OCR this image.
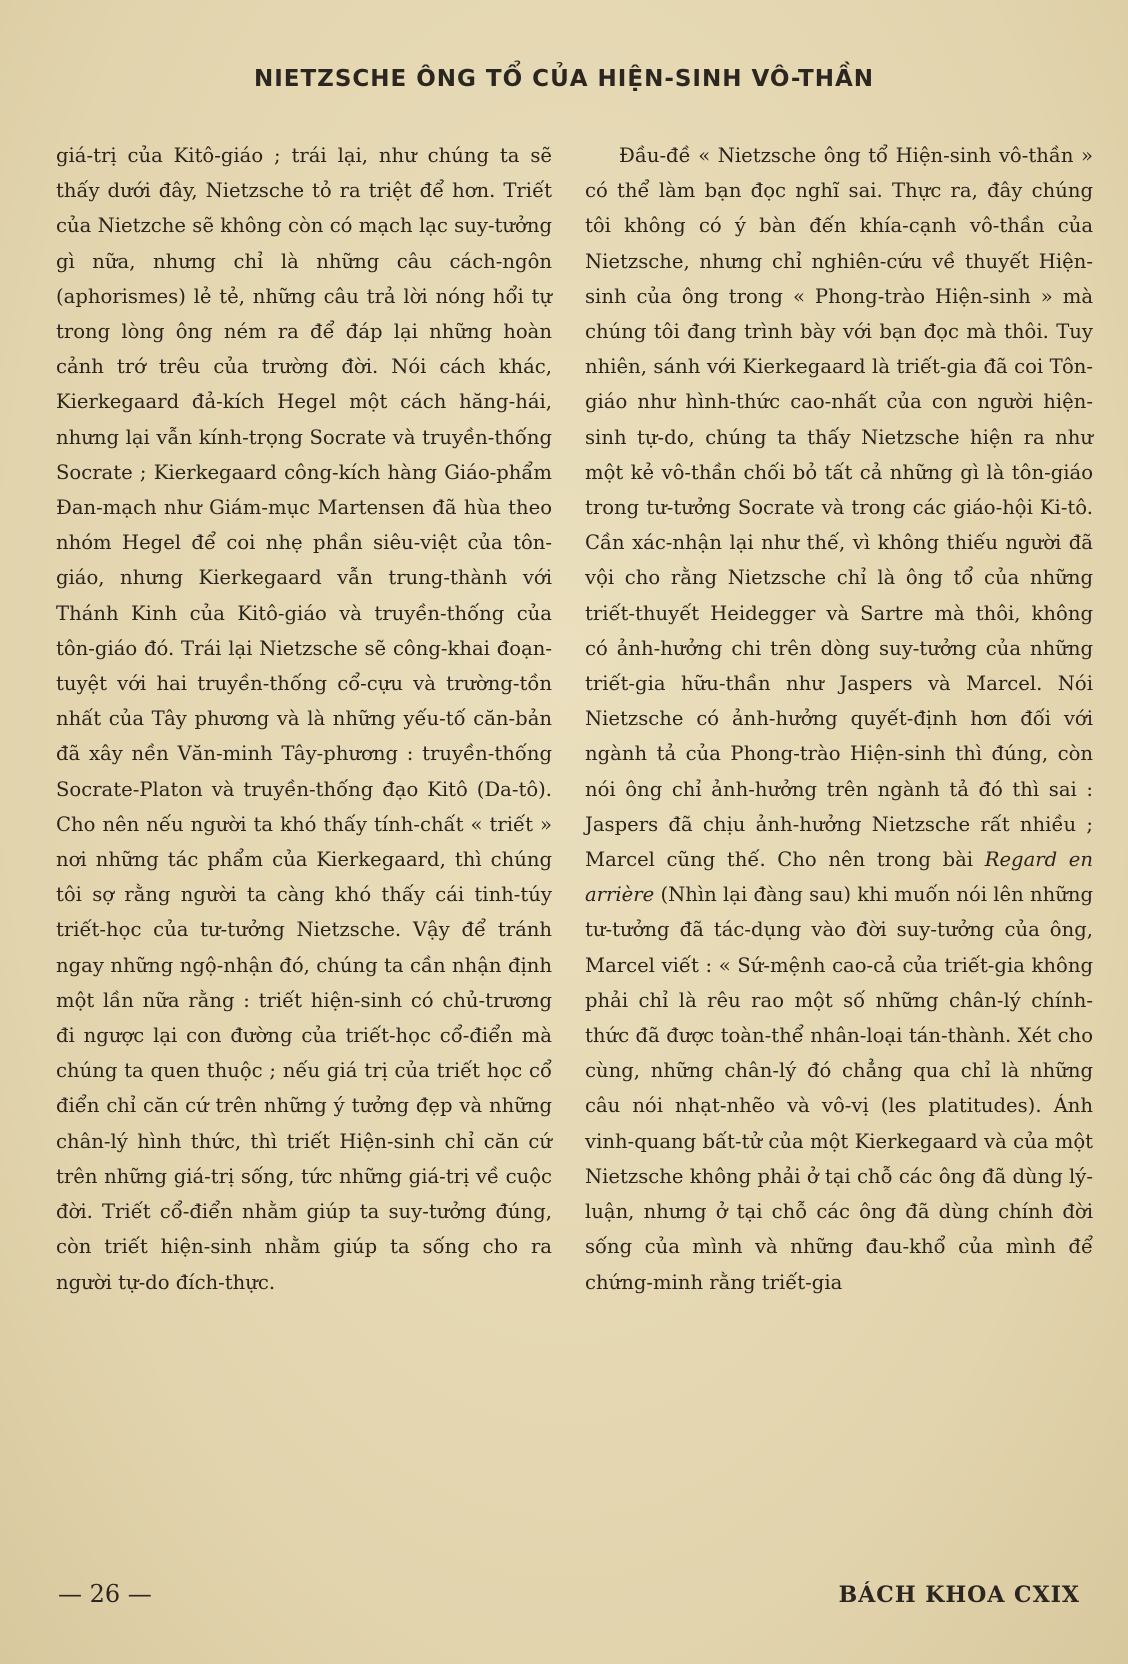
NIETZSCHE ÔNG TỔ CỦA HIỆN-SINH VÔ-THẦN

giá-trị của Kitô-giáo ; trái lại, như chúng ta sẽ thấy dưới đây, Nietzsche tỏ ra triệt để hơn. Triết của Nietzche sẽ không còn có mạch lạc suy-tưởng gì nữa, nhưng chỉ là những câu cách-ngôn (aphorismes) lẻ tẻ, những câu trả lời nóng hổi tự trong lòng ông ném ra để đáp lại những hoàn cảnh trớ trêu của trường đời. Nói cách khác, Kierkegaard đả-kích Hegel một cách hăng-hái, nhưng lại vẫn kính-trọng Socrate và truyền-thống Socrate ; Kierkegaard công-kích hàng Giáo-phẩm Đan-mạch như Giám-mục Martensen đã hùa theo nhóm Hegel để coi nhẹ phần siêu-việt của tôn-giáo, nhưng Kierkegaard vẫn trung-thành với Thánh Kinh của Kitô-giáo và truyền-thống của tôn-giáo đó. Trái lại Nietzsche sẽ công-khai đoạn-tuyệt với hai truyền-thống cổ-cựu và trường-tồn nhất của Tây phương và là những yếu-tố căn-bản đã xây nền Văn-minh Tây-phương : truyền-thống Socrate-Platon và truyền-thống đạo Kitô (Da-tô). Cho nên nếu người ta khó thấy tính-chất « triết » nơi những tác phẩm của Kierkegaard, thì chúng tôi sợ rằng người ta càng khó thấy cái tinh-túy triết-học của tư-tưởng Nietzsche. Vậy để tránh ngay những ngộ-nhận đó, chúng ta cần nhận định một lần nữa rằng : triết hiện-sinh có chủ-trương đi ngược lại con đường của triết-học cổ-điển mà chúng ta quen thuộc ; nếu giá trị của triết học cổ điển chỉ căn cứ trên những ý tưởng đẹp và những chân-lý hình thức, thì triết Hiện-sinh chỉ căn cứ trên những giá-trị sống, tức những giá-trị về cuộc đời. Triết cổ-điển nhằm giúp ta suy-tưởng đúng, còn triết hiện-sinh nhằm giúp ta sống cho ra người tự-do đích-thực.

Đầu-đề « Nietzsche ông tổ Hiện-sinh vô-thần » có thể làm bạn đọc nghĩ sai. Thực ra, đây chúng tôi không có ý bàn đến khía-cạnh vô-thần của Nietzsche, nhưng chỉ nghiên-cứu về thuyết Hiện-sinh của ông trong « Phong-trào Hiện-sinh » mà chúng tôi đang trình bày với bạn đọc mà thôi. Tuy nhiên, sánh với Kierkegaard là triết-gia đã coi Tôn-giáo như hình-thức cao-nhất của con người hiện-sinh tự-do, chúng ta thấy Nietzsche hiện ra như một kẻ vô-thần chối bỏ tất cả những gì là tôn-giáo trong tư-tưởng Socrate và trong các giáo-hội Ki-tô. Cần xác-nhận lại như thế, vì không thiếu người đã vội cho rằng Nietzsche chỉ là ông tổ của những triết-thuyết Heidegger và Sartre mà thôi, không có ảnh-hưởng chi trên dòng suy-tưởng của những triết-gia hữu-thần như Jaspers và Marcel. Nói Nietzsche có ảnh-hưởng quyết-định hơn đối với ngành tả của Phong-trào Hiện-sinh thì đúng, còn nói ông chỉ ảnh-hưởng trên ngành tả đó thì sai : Jaspers đã chịu ảnh-hưởng Nietzsche rất nhiều ; Marcel cũng thế. Cho nên trong bài Regard en arrière (Nhìn lại đàng sau) khi muốn nói lên những tư-tưởng đã tác-dụng vào đời suy-tưởng của ông, Marcel viết : « Sứ-mệnh cao-cả của triết-gia không phải chỉ là rêu rao một số những chân-lý chính-thức đã được toàn-thể nhân-loại tán-thành. Xét cho cùng, những chân-lý đó chẳng qua chỉ là những câu nói nhạt-nhẽo và vô-vị (les platitudes). Ánh vinh-quang bất-tử của một Kierkegaard và của một Nietzsche không phải ở tại chỗ các ông đã dùng lý-luận, nhưng ở tại chỗ các ông đã dùng chính đời sống của mình và những đau-khổ của mình để chứng-minh rằng triết-gia

— 26 —	BÁCH KHOA CXIX
